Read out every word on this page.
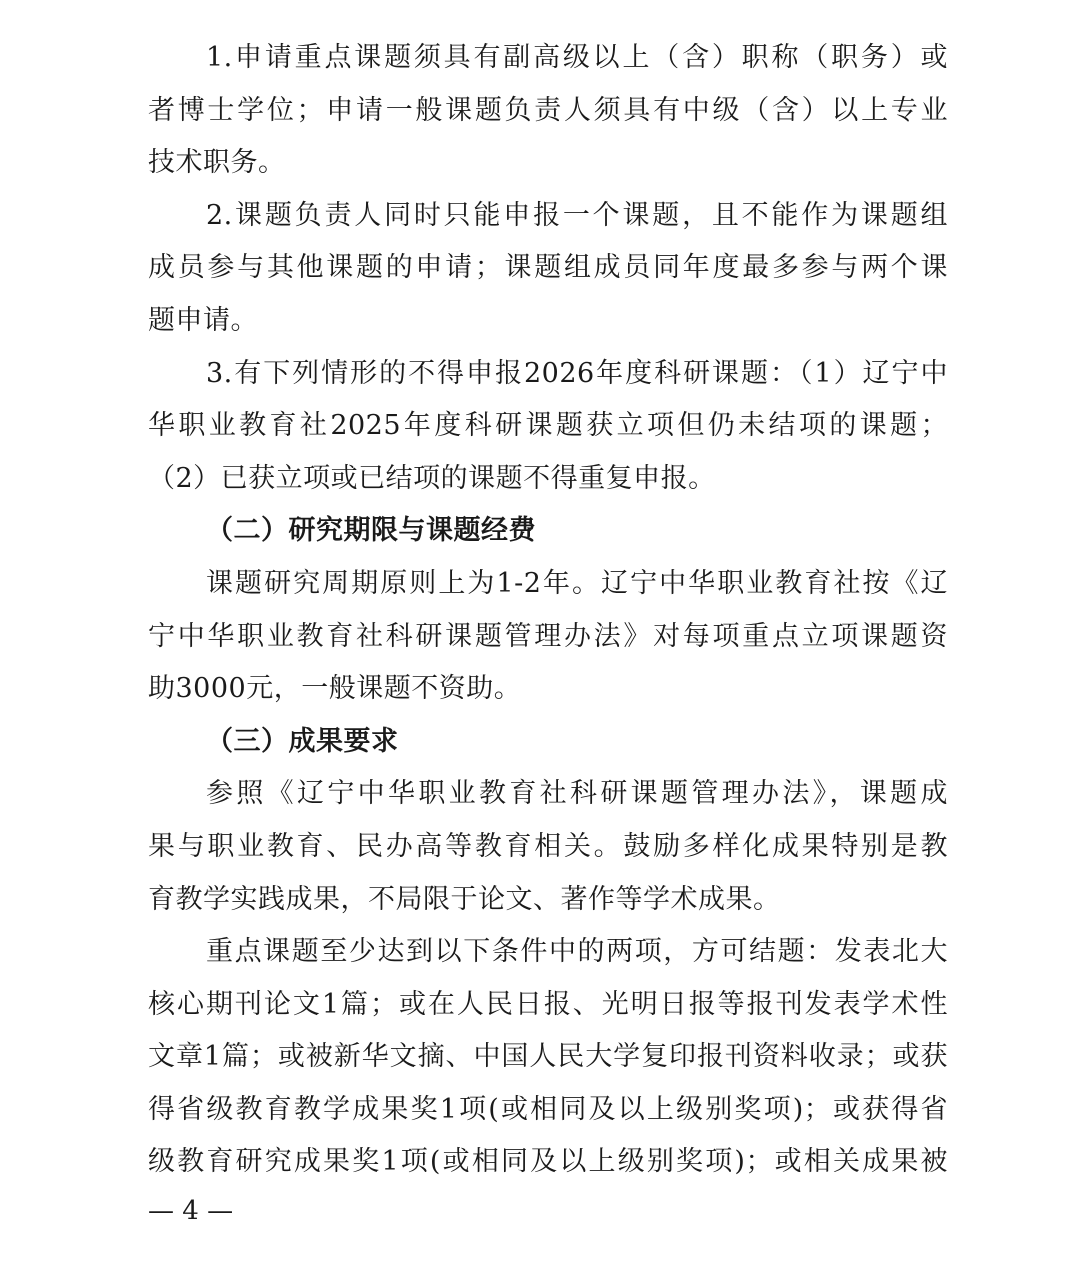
1.申请重点课题须具有副高级以上（含）职称（职务）或
者博士学位；申请一般课题负责人须具有中级（含）以上专业
技术职务。
2.课题负责人同时只能申报一个课题，且不能作为课题组
成员参与其他课题的申请；课题组成员同年度最多参与两个课
题申请。
3.有下列情形的不得申报2026年度科研课题：（1）辽宁中
华职业教育社2025年度科研课题获立项但仍未结项的课题；
（2）已获立项或已结项的课题不得重复申报。
（二）研究期限与课题经费
课题研究周期原则上为1-2年。辽宁中华职业教育社按《辽
宁中华职业教育社科研课题管理办法》对每项重点立项课题资
助3000元，一般课题不资助。
（三）成果要求
参照《辽宁中华职业教育社科研课题管理办法》，课题成
果与职业教育、民办高等教育相关。鼓励多样化成果特别是教
育教学实践成果，不局限于论文、著作等学术成果。
重点课题至少达到以下条件中的两项，方可结题：发表北大
核心期刊论文1篇；或在人民日报、光明日报等报刊发表学术性
文章1篇；或被新华文摘、中国人民大学复印报刊资料收录；或获
得省级教育教学成果奖1项(或相同及以上级别奖项)；或获得省
级教育研究成果奖1项(或相同及以上级别奖项)；或相关成果被
— 4 —
